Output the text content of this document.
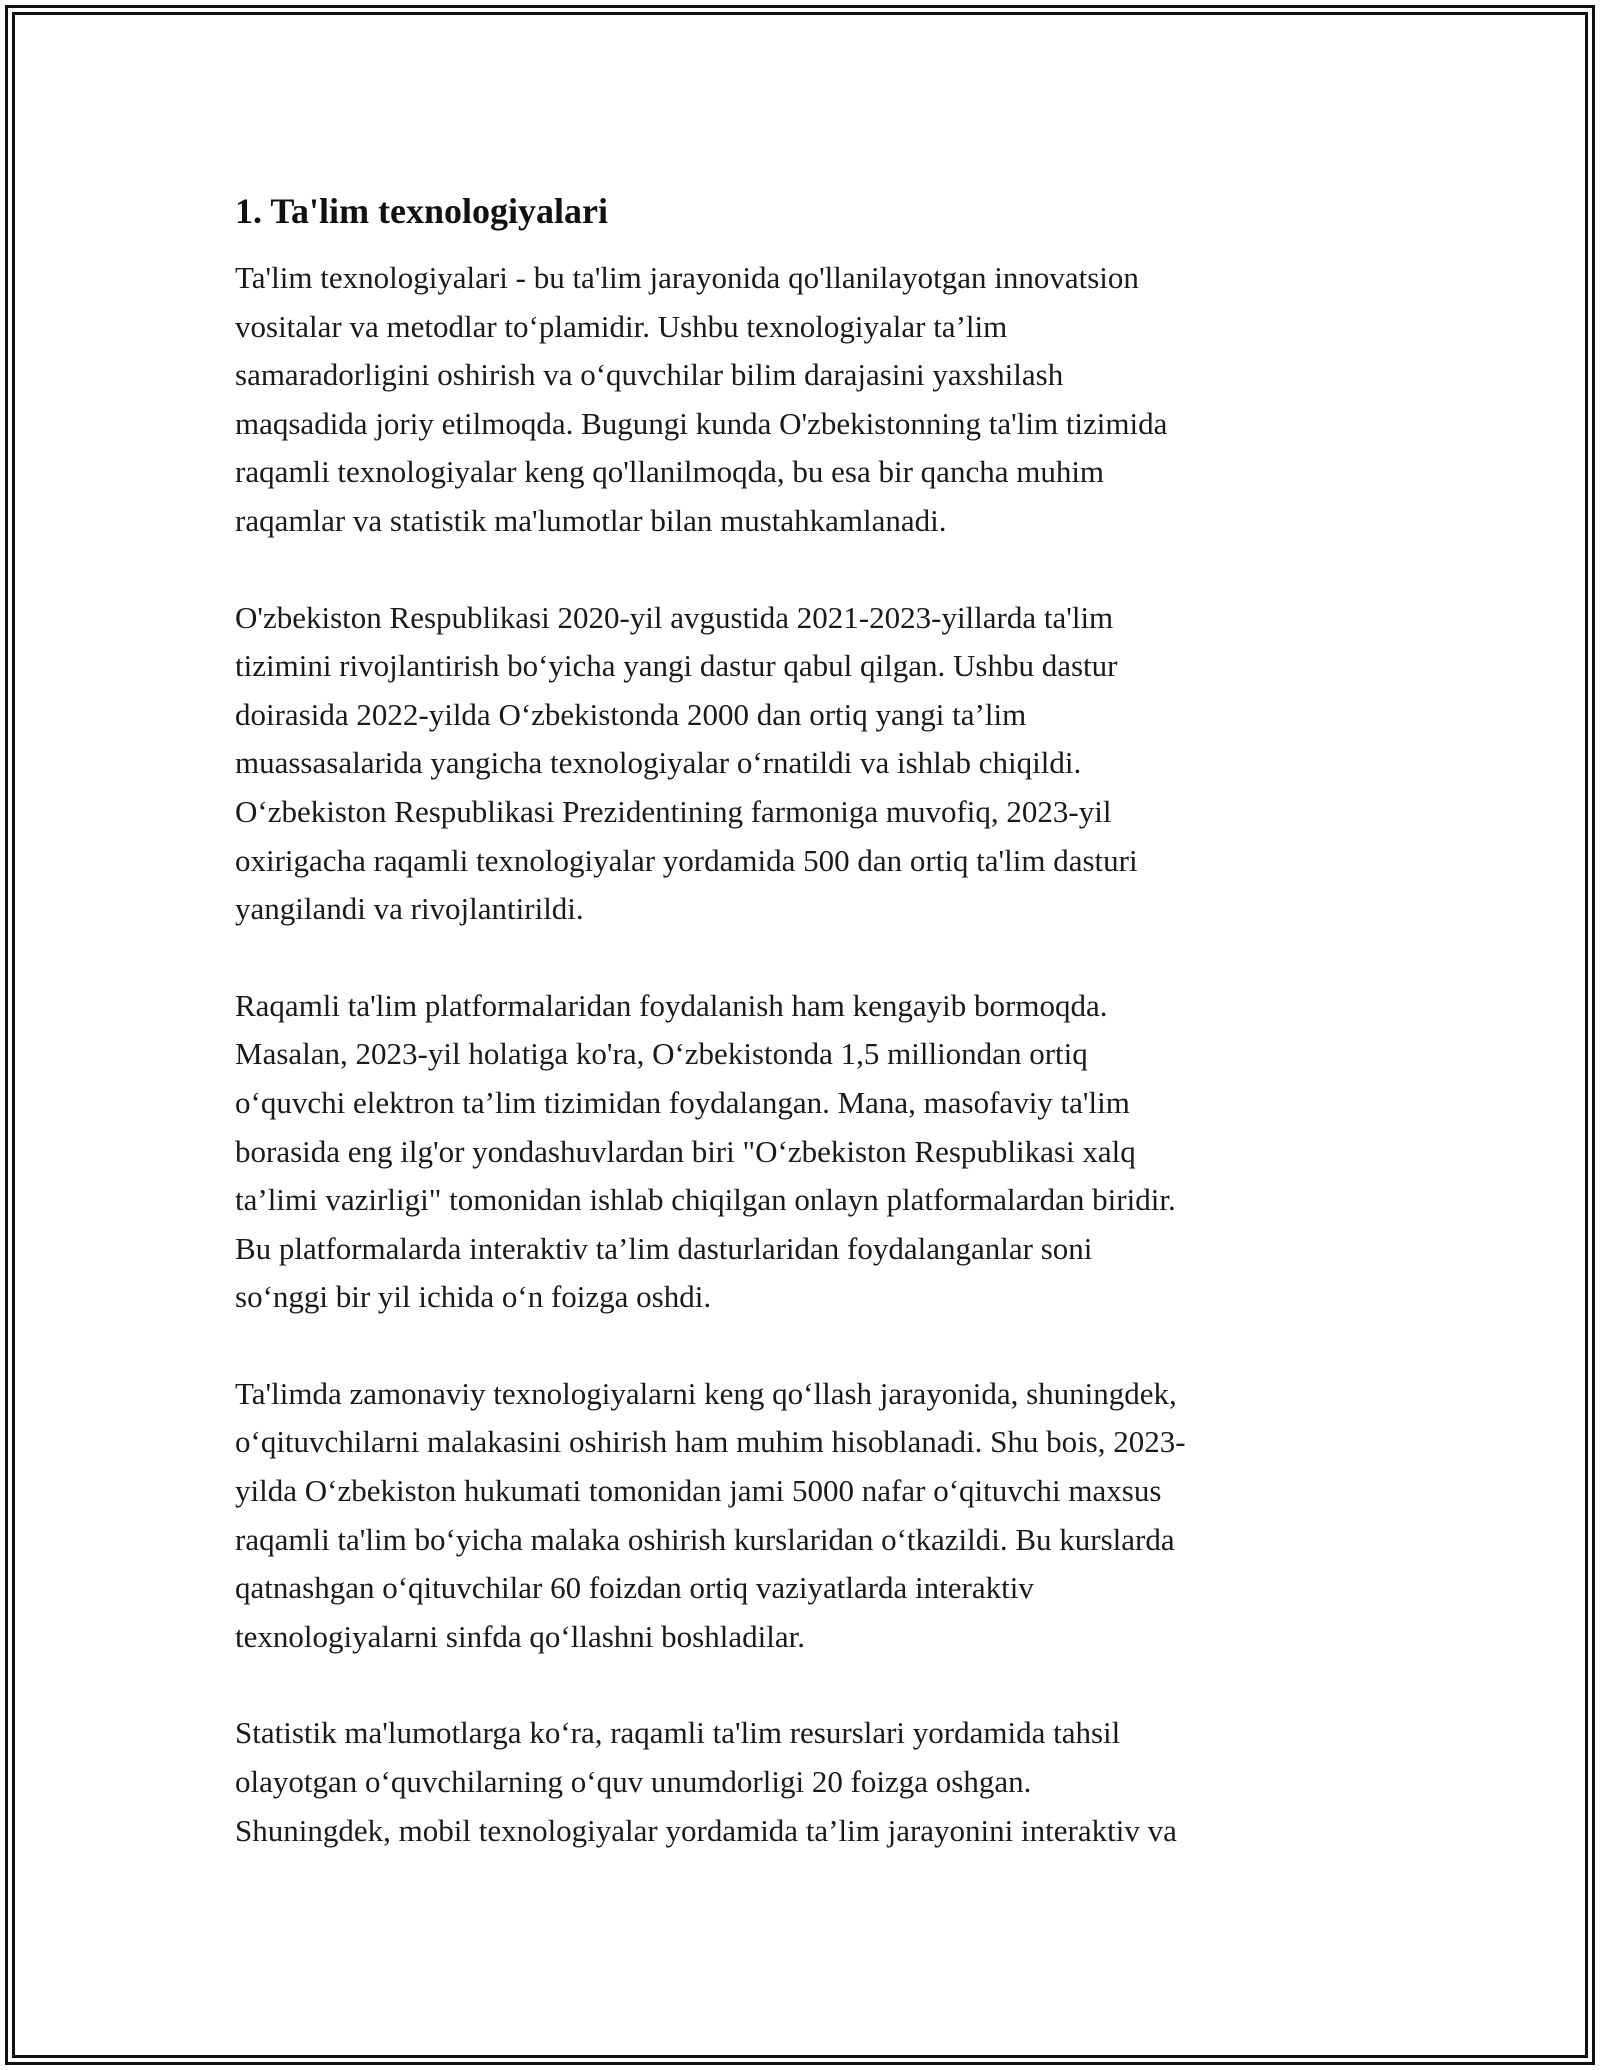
1. Ta'lim texnologiyalari

Ta'lim texnologiyalari - bu ta'lim jarayonida qo'llanilayotgan innovatsion
vositalar va metodlar to‘plamidir. Ushbu texnologiyalar ta’lim
samaradorligini oshirish va o‘quvchilar bilim darajasini yaxshilash
maqsadida joriy etilmoqda. Bugungi kunda O'zbekistonning ta'lim tizimida
raqamli texnologiyalar keng qo'llanilmoqda, bu esa bir qancha muhim
raqamlar va statistik ma'lumotlar bilan mustahkamlanadi.

O'zbekiston Respublikasi 2020-yil avgustida 2021-2023-yillarda ta'lim
tizimini rivojlantirish bo‘yicha yangi dastur qabul qilgan. Ushbu dastur
doirasida 2022-yilda O‘zbekistonda 2000 dan ortiq yangi ta’lim
muassasalarida yangicha texnologiyalar o‘rnatildi va ishlab chiqildi.
O‘zbekiston Respublikasi Prezidentining farmoniga muvofiq, 2023-yil
oxirigacha raqamli texnologiyalar yordamida 500 dan ortiq ta'lim dasturi
yangilandi va rivojlantirildi.

Raqamli ta'lim platformalaridan foydalanish ham kengayib bormoqda.
Masalan, 2023-yil holatiga ko'ra, O‘zbekistonda 1,5 milliondan ortiq
o‘quvchi elektron ta’lim tizimidan foydalangan. Mana, masofaviy ta'lim
borasida eng ilg'or yondashuvlardan biri "O‘zbekiston Respublikasi xalq
ta’limi vazirligi" tomonidan ishlab chiqilgan onlayn platformalardan biridir.
Bu platformalarda interaktiv ta’lim dasturlaridan foydalanganlar soni
so‘nggi bir yil ichida o‘n foizga oshdi.

Ta'limda zamonaviy texnologiyalarni keng qo‘llash jarayonida, shuningdek,
o‘qituvchilarni malakasini oshirish ham muhim hisoblanadi. Shu bois, 2023-
yilda O‘zbekiston hukumati tomonidan jami 5000 nafar o‘qituvchi maxsus
raqamli ta'lim bo‘yicha malaka oshirish kurslaridan o‘tkazildi. Bu kurslarda
qatnashgan o‘qituvchilar 60 foizdan ortiq vaziyatlarda interaktiv
texnologiyalarni sinfda qo‘llashni boshladilar.

Statistik ma'lumotlarga ko‘ra, raqamli ta'lim resurslari yordamida tahsil
olayotgan o‘quvchilarning o‘quv unumdorligi 20 foizga oshgan.
Shuningdek, mobil texnologiyalar yordamida ta’lim jarayonini interaktiv va
